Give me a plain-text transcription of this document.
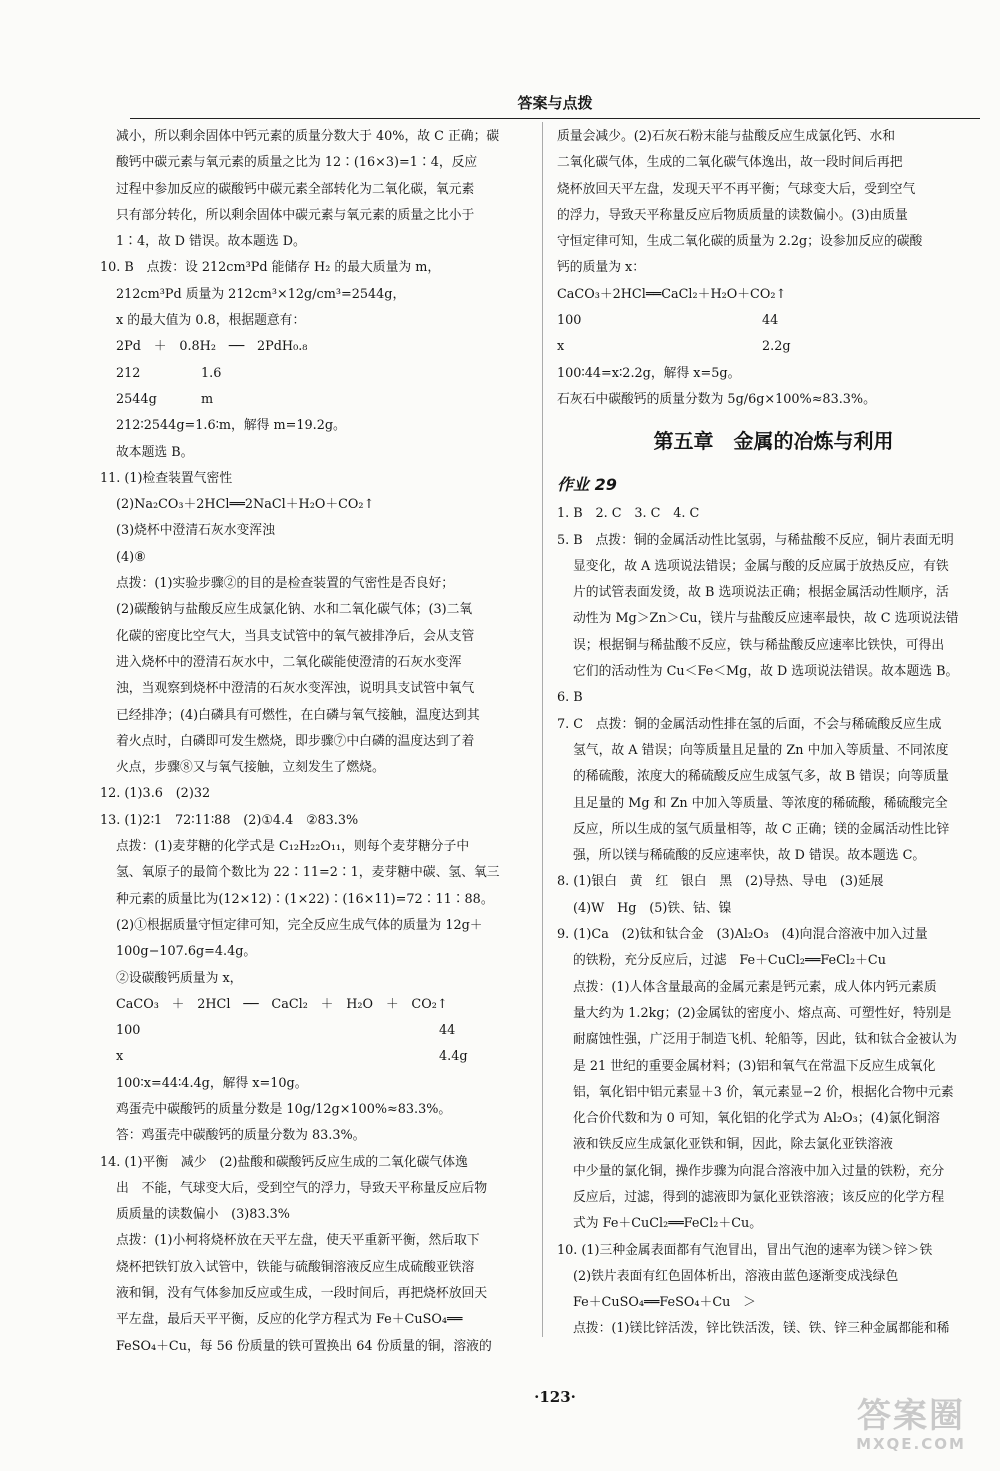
答案与点拨
减小，所以剩余固体中钙元素的质量分数大于 40%，故 C 正确；碳
酸钙中碳元素与氧元素的质量之比为 12∶(16×3)=1∶4，反应
过程中参加反应的碳酸钙中碳元素全部转化为二氧化碳，氧元素
只有部分转化，所以剩余固体中碳元素与氧元素的质量之比小于
1∶4，故 D 错误。故本题选 D。
10. B　点拨：设 212cm³Pd 能储存 H₂ 的最大质量为 m，
212cm³Pd 质量为 212cm³×12g/cm³=2544g，
x 的最大值为 0.8，根据题意有：
2Pd　＋　0.8H₂　──　2PdH₀.₈
212	1.6
2544g	m
212∶2544g=1.6∶m，解得 m=19.2g。
故本题选 B。
11. (1)检查装置气密性
(2)Na₂CO₃＋2HCl══2NaCl＋H₂O＋CO₂↑
(3)烧杯中澄清石灰水变浑浊
(4)⑧
点拨：(1)实验步骤②的目的是检查装置的气密性是否良好；
(2)碳酸钠与盐酸反应生成氯化钠、水和二氧化碳气体；(3)二氧
化碳的密度比空气大，当具支试管中的氧气被排净后，会从支管
进入烧杯中的澄清石灰水中，二氧化碳能使澄清的石灰水变浑
浊，当观察到烧杯中澄清的石灰水变浑浊，说明具支试管中氧气
已经排净；(4)白磷具有可燃性，在白磷与氧气接触，温度达到其
着火点时，白磷即可发生燃烧，即步骤⑦中白磷的温度达到了着
火点，步骤⑧又与氧气接触，立刻发生了燃烧。
12. (1)3.6　(2)32
13. (1)2∶1　72∶11∶88　(2)①4.4　②83.3%
点拨：(1)麦芽糖的化学式是 C₁₂H₂₂O₁₁，则每个麦芽糖分子中
氢、氧原子的最简个数比为 22∶11=2∶1，麦芽糖中碳、氢、氧三
种元素的质量比为(12×12)∶(1×22)∶(16×11)=72∶11∶88。
(2)①根据质量守恒定律可知，完全反应生成气体的质量为 12g＋
100g−107.6g=4.4g。
②设碳酸钙质量为 x，
CaCO₃　＋　2HCl　──　CaCl₂　＋　H₂O　＋　CO₂↑
100	44
x	4.4g
100∶x=44∶4.4g，解得 x=10g。
鸡蛋壳中碳酸钙的质量分数是 10g/12g×100%≈83.3%。
答：鸡蛋壳中碳酸钙的质量分数为 83.3%。
14. (1)平衡　减少　(2)盐酸和碳酸钙反应生成的二氧化碳气体逸
出　不能，气球变大后，受到空气的浮力，导致天平称量反应后物
质质量的读数偏小　(3)83.3%
点拨：(1)小柯将烧杯放在天平左盘，使天平重新平衡，然后取下
烧杯把铁钉放入试管中，铁能与硫酸铜溶液反应生成硫酸亚铁溶
液和铜，没有气体参加反应或生成，一段时间后，再把烧杯放回天
平左盘，最后天平平衡，反应的化学方程式为 Fe＋CuSO₄══
FeSO₄＋Cu，每 56 份质量的铁可置换出 64 份质量的铜，溶液的
质量会减少。(2)石灰石粉末能与盐酸反应生成氯化钙、水和
二氧化碳气体，生成的二氧化碳气体逸出，故一段时间后再把
烧杯放回天平左盘，发现天平不再平衡；气球变大后，受到空气
的浮力，导致天平称量反应后物质质量的读数偏小。(3)由质量
守恒定律可知，生成二氧化碳的质量为 2.2g；设参加反应的碳酸
钙的质量为 x：
CaCO₃＋2HCl══CaCl₂＋H₂O＋CO₂↑
100	44
x	2.2g
100∶44=x∶2.2g，解得 x=5g。
石灰石中碳酸钙的质量分数为 5g/6g×100%≈83.3%。
第五章　金属的冶炼与利用
作业 29
1. B　2. C　3. C　4. C
5. B　点拨：铜的金属活动性比氢弱，与稀盐酸不反应，铜片表面无明
显变化，故 A 选项说法错误；金属与酸的反应属于放热反应，有铁
片的试管表面发烫，故 B 选项说法正确；根据金属活动性顺序，活
动性为 Mg＞Zn＞Cu，镁片与盐酸反应速率最快，故 C 选项说法错
误；根据铜与稀盐酸不反应，铁与稀盐酸反应速率比铁快，可得出
它们的活动性为 Cu＜Fe＜Mg，故 D 选项说法错误。故本题选 B。
6. B
7. C　点拨：铜的金属活动性排在氢的后面，不会与稀硫酸反应生成
氢气，故 A 错误；向等质量且足量的 Zn 中加入等质量、不同浓度
的稀硫酸，浓度大的稀硫酸反应生成氢气多，故 B 错误；向等质量
且足量的 Mg 和 Zn 中加入等质量、等浓度的稀硫酸，稀硫酸完全
反应，所以生成的氢气质量相等，故 C 正确；镁的金属活动性比锌
强，所以镁与稀硫酸的反应速率快，故 D 错误。故本题选 C。
8. (1)银白　黄　红　银白　黑　(2)导热、导电　(3)延展
(4)W　Hg　(5)铁、钴、镍
9. (1)Ca　(2)钛和钛合金　(3)Al₂O₃　(4)向混合溶液中加入过量
的铁粉，充分反应后，过滤　Fe＋CuCl₂══FeCl₂＋Cu
点拨：(1)人体含量最高的金属元素是钙元素，成人体内钙元素质
量大约为 1.2kg；(2)金属钛的密度小、熔点高、可塑性好，特别是
耐腐蚀性强，广泛用于制造飞机、轮船等，因此，钛和钛合金被认为
是 21 世纪的重要金属材料；(3)铝和氧气在常温下反应生成氧化
铝，氧化铝中铝元素显＋3 价，氧元素显−2 价，根据化合物中元素
化合价代数和为 0 可知，氧化铝的化学式为 Al₂O₃；(4)氯化铜溶
液和铁反应生成氯化亚铁和铜，因此，除去氯化亚铁溶液
中少量的氯化铜，操作步骤为向混合溶液中加入过量的铁粉，充分
反应后，过滤，得到的滤液即为氯化亚铁溶液；该反应的化学方程
式为 Fe＋CuCl₂══FeCl₂＋Cu。
10. (1)三种金属表面都有气泡冒出，冒出气泡的速率为镁＞锌＞铁
(2)铁片表面有红色固体析出，溶液由蓝色逐渐变成浅绿色
Fe＋CuSO₄══FeSO₄＋Cu　＞
点拨：(1)镁比锌活泼，锌比铁活泼，镁、铁、锌三种金属都能和稀
·123·	答案圈
MXQE.COM
